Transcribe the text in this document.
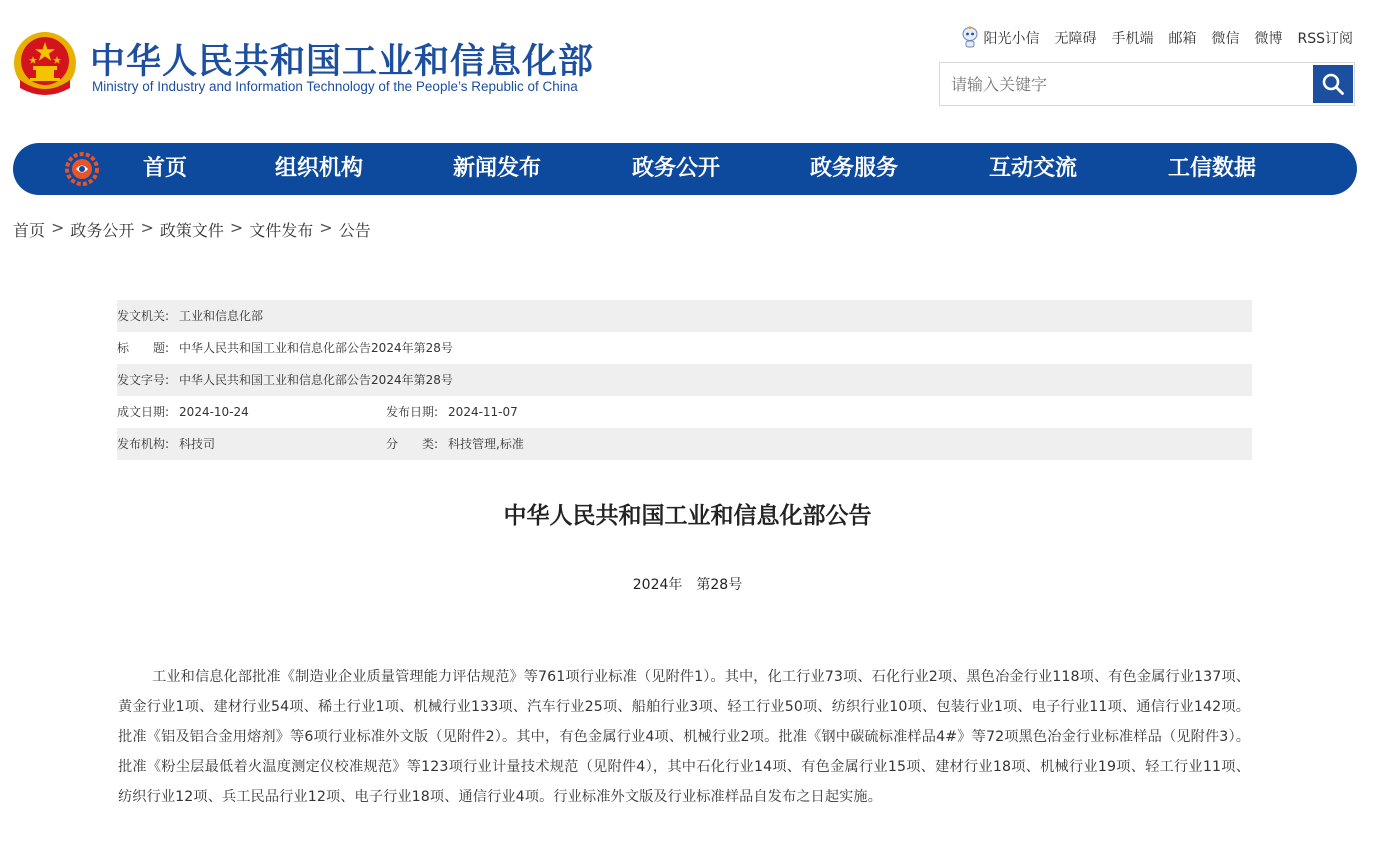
中华人民共和国工业和信息化部
Ministry of Industry and Information Technology of the People’s Republic of China
阳光小信 无障碍 手机端 邮箱 微信 微博 RSS订阅
请输入关键字
首页	组织机构	新闻发布	政务公开	政务服务	互动交流	工信数据
首页 > 政务公开 > 政策文件 > 文件发布 > 公告
发文机关: 工业和信息化部
标　　题: 中华人民共和国工业和信息化部公告2024年第28号
发文字号: 中华人民共和国工业和信息化部公告2024年第28号
成文日期: 2024-10-24	发布日期: 2024-11-07
发布机构: 科技司	分　　类: 科技管理,标准
中华人民共和国工业和信息化部公告
2024年　第28号

工业和信息化部批准《制造业企业质量管理能力评估规范》等761项行业标准（见附件1）。其中，化工行业73项、石化行业2项、黑色冶金行业118项、有色金属行业137项、黄金行业1项、建材行业54项、稀土行业1项、机械行业133项、汽车行业25项、船舶行业3项、轻工行业50项、纺织行业10项、包装行业1项、电子行业11项、通信行业142项。批准《铝及铝合金用熔剂》等6项行业标准外文版（见附件2）。其中，有色金属行业4项、机械行业2项。批准《钢中碳硫标准样品4#》等72项黑色冶金行业标准样品（见附件3）。批准《粉尘层最低着火温度测定仪校准规范》等123项行业计量技术规范（见附件4），其中石化行业14项、有色金属行业15项、建材行业18项、机械行业19项、轻工行业11项、纺织行业12项、兵工民品行业12项、电子行业18项、通信行业4项。行业标准外文版及行业标准样品自发布之日起实施。
